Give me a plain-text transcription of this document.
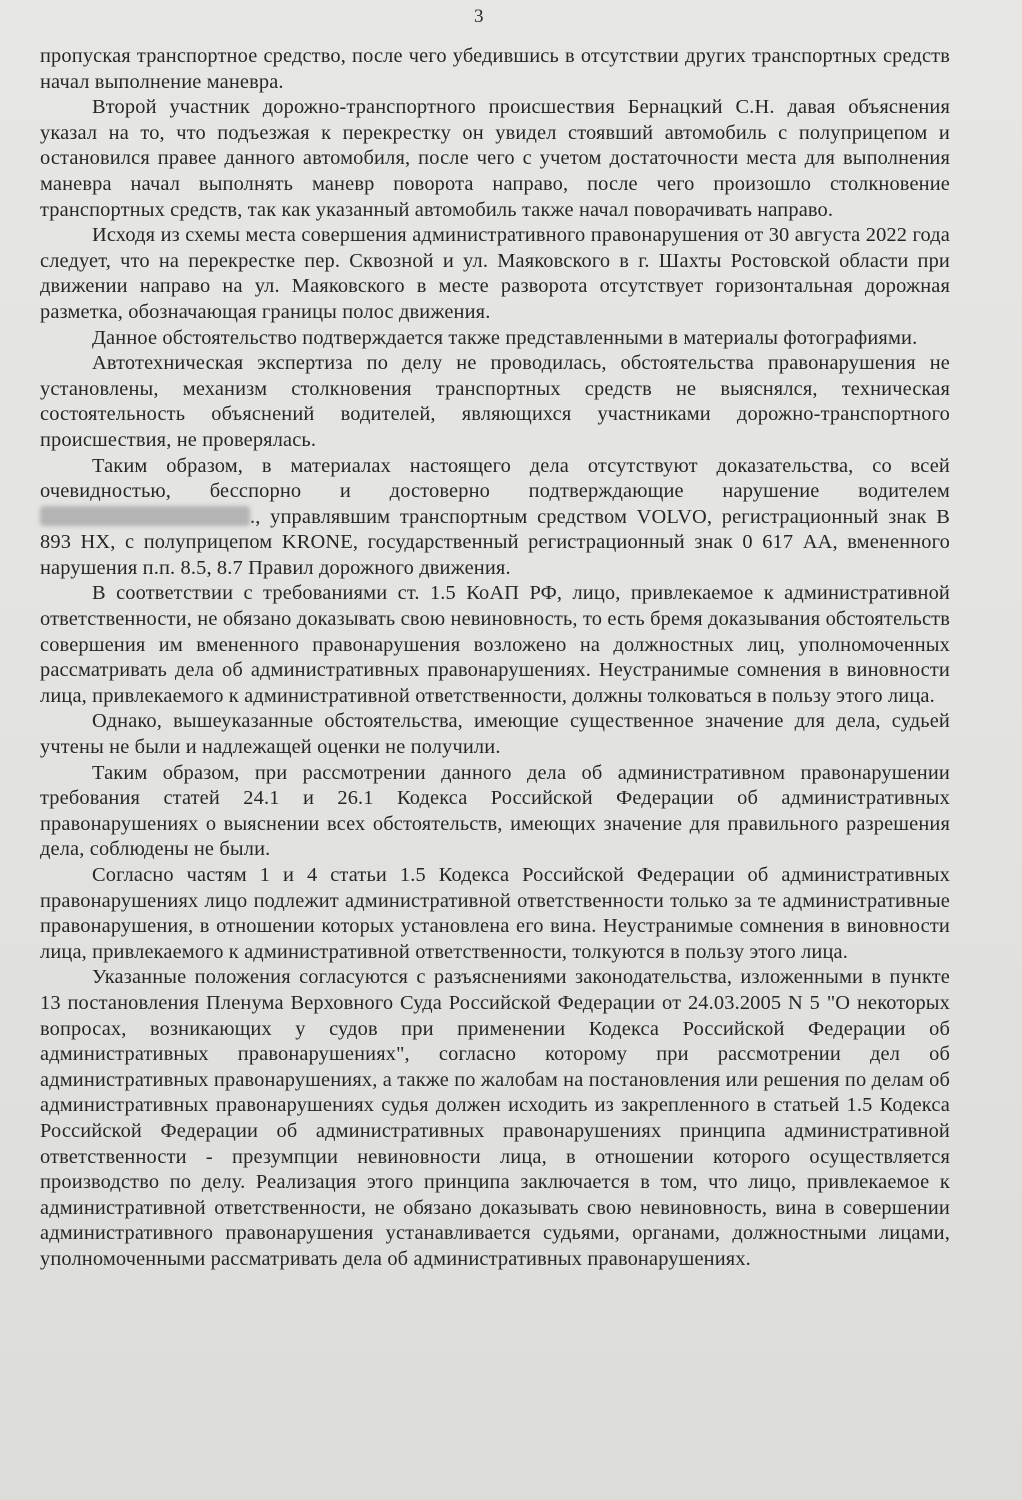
3

пропуская транспортное средство, после чего убедившись в отсутствии других транспортных средств начал выполнение маневра.

Второй участник дорожно-транспортного происшествия Бернацкий С.Н. давая объяснения указал на то, что подъезжая к перекрестку он увидел стоявший автомобиль с полуприцепом и остановился правее данного автомобиля, после чего с учетом достаточности места для выполнения маневра начал выполнять маневр поворота направо, после чего произошло столкновение транспортных средств, так как указанный автомобиль также начал поворачивать направо.

Исходя из схемы места совершения административного правонарушения от 30 августа 2022 года следует, что на перекрестке пер. Сквозной и ул. Маяковского в г. Шахты Ростовской области при движении направо на ул. Маяковского в месте разворота отсутствует горизонтальная дорожная разметка, обозначающая границы полос движения.

Данное обстоятельство подтверждается также представленными в материалы фотографиями.

Автотехническая экспертиза по делу не проводилась, обстоятельства правонарушения не установлены, механизм столкновения транспортных средств не выяснялся, техническая состоятельность объяснений водителей, являющихся участниками дорожно-транспортного происшествия, не проверялась.

Таким образом, в материалах настоящего дела отсутствуют доказательства, со всей очевидностью, бесспорно и достоверно подтверждающие нарушение водителем ., управлявшим транспортным средством VOLVO, регистрационный знак В 893 НХ, с полуприцепом KRONE, государственный регистрационный знак 0 617 АА, вмененного нарушения п.п. 8.5, 8.7 Правил дорожного движения.

В соответствии с требованиями ст. 1.5 КоАП РФ, лицо, привлекаемое к административной ответственности, не обязано доказывать свою невиновность, то есть бремя доказывания обстоятельств совершения им вмененного правонарушения возложено на должностных лиц, уполномоченных рассматривать дела об административных правонарушениях. Неустранимые сомнения в виновности лица, привлекаемого к административной ответственности, должны толковаться в пользу этого лица.

Однако, вышеуказанные обстоятельства, имеющие существенное значение для дела, судьей учтены не были и надлежащей оценки не получили.

Таким образом, при рассмотрении данного дела об административном правонарушении требования статей 24.1 и 26.1 Кодекса Российской Федерации об административных правонарушениях о выяснении всех обстоятельств, имеющих значение для правильного разрешения дела, соблюдены не были.

Согласно частям 1 и 4 статьи 1.5 Кодекса Российской Федерации об административных правонарушениях лицо подлежит административной ответственности только за те административные правонарушения, в отношении которых установлена его вина. Неустранимые сомнения в виновности лица, привлекаемого к административной ответственности, толкуются в пользу этого лица.

Указанные положения согласуются с разъяснениями законодательства, изложенными в пункте 13 постановления Пленума Верховного Суда Российской Федерации от 24.03.2005 N 5 "О некоторых вопросах, возникающих у судов при применении Кодекса Российской Федерации об административных правонарушениях", согласно которому при рассмотрении дел об административных правонарушениях, а также по жалобам на постановления или решения по делам об административных правонарушениях судья должен исходить из закрепленного в статьей 1.5 Кодекса Российской Федерации об административных правонарушениях принципа административной ответственности - презумпции невиновности лица, в отношении которого осуществляется производство по делу. Реализация этого принципа заключается в том, что лицо, привлекаемое к административной ответственности, не обязано доказывать свою невиновность, вина в совершении административного правонарушения устанавливается судьями, органами, должностными лицами, уполномоченными рассматривать дела об административных правонарушениях.
